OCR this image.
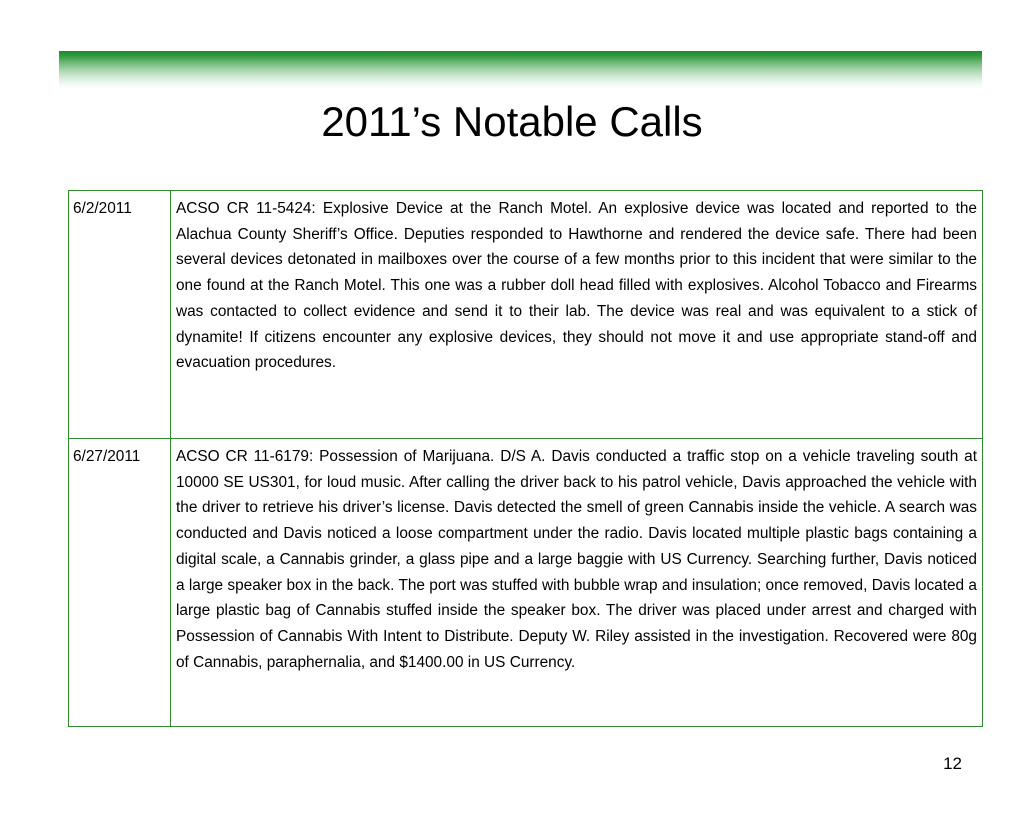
2011’s Notable Calls
6/2/2011	ACSO CR 11-5424: Explosive Device at the Ranch Motel. An explosive device was located and reported to the Alachua County Sheriff’s Office. Deputies responded to Hawthorne and rendered the device safe. There had been several devices detonated in mailboxes over the course of a few months prior to this incident that were similar to the one found at the Ranch Motel. This one was a rubber doll head filled with explosives. Alcohol Tobacco and Firearms was contacted to collect evidence and send it to their lab. The device was real and was equivalent to a stick of dynamite! If citizens encounter any explosive devices, they should not move it and use appropriate stand-off and evacuation procedures.
6/27/2011	ACSO CR 11-6179: Possession of Marijuana. D/S A. Davis conducted a traffic stop on a vehicle traveling south at 10000 SE US301, for loud music. After calling the driver back to his patrol vehicle, Davis approached the vehicle with the driver to retrieve his driver’s license. Davis detected the smell of green Cannabis inside the vehicle. A search was conducted and Davis noticed a loose compartment under the radio. Davis located multiple plastic bags containing a digital scale, a Cannabis grinder, a glass pipe and a large baggie with US Currency. Searching further, Davis noticed a large speaker box in the back. The port was stuffed with bubble wrap and insulation; once removed, Davis located a large plastic bag of Cannabis stuffed inside the speaker box. The driver was placed under arrest and charged with Possession of Cannabis With Intent to Distribute. Deputy W. Riley assisted in the investigation. Recovered were 80g of Cannabis, paraphernalia, and $1400.00 in US Currency.
12
